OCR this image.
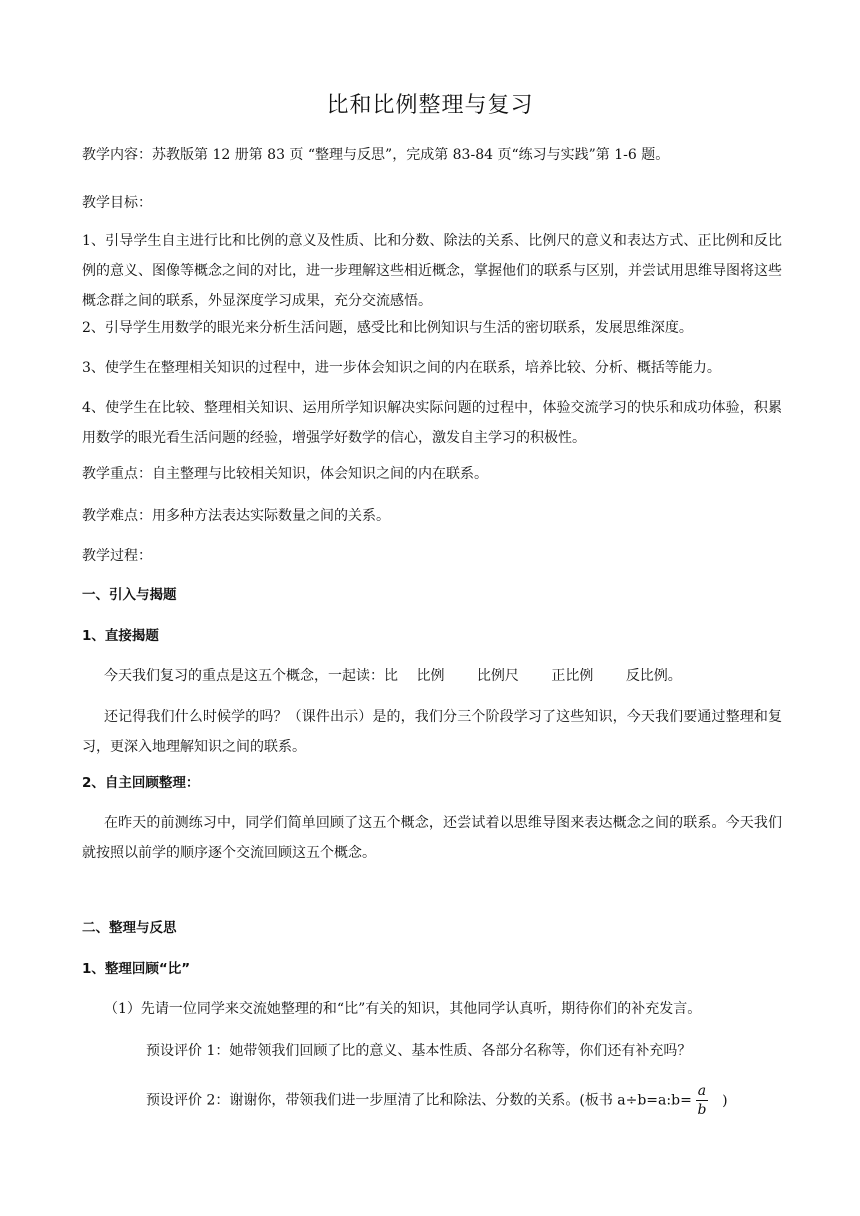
比和比例整理与复习
教学内容：苏教版第 12 册第 83 页 “整理与反思”，完成第 83-84 页“练习与实践”第 1-6 题。
教学目标：
1、引导学生自主进行比和比例的意义及性质、比和分数、除法的关系、比例尺的意义和表达方式、正比例和反比例的意义、图像等概念之间的对比，进一步理解这些相近概念，掌握他们的联系与区别，并尝试用思维导图将这些概念群之间的联系，外显深度学习成果，充分交流感悟。
2、引导学生用数学的眼光来分析生活问题，感受比和比例知识与生活的密切联系，发展思维深度。
3、使学生在整理相关知识的过程中，进一步体会知识之间的内在联系，培养比较、分析、概括等能力。
4、使学生在比较、整理相关知识、运用所学知识解决实际问题的过程中，体验交流学习的快乐和成功体验，积累用数学的眼光看生活问题的经验，增强学好数学的信心，激发自主学习的积极性。
教学重点：自主整理与比较相关知识，体会知识之间的内在联系。
教学难点：用多种方法表达实际数量之间的关系。
教学过程：
一、引入与揭题
1、直接揭题
今天我们复习的重点是这五个概念，一起读：比 比例 比例尺 正比例 反比例。
还记得我们什么时候学的吗？（课件出示）是的，我们分三个阶段学习了这些知识，今天我们要通过整理和复习，更深入地理解知识之间的联系。
2、自主回顾整理：
在昨天的前测练习中，同学们简单回顾了这五个概念，还尝试着以思维导图来表达概念之间的联系。今天我们就按照以前学的顺序逐个交流回顾这五个概念。
二、整理与反思
1、整理回顾“比”
（1）先请一位同学来交流她整理的和“比”有关的知识，其他同学认真听，期待你们的补充发言。
预设评价 1：她带领我们回顾了比的意义、基本性质、各部分名称等，你们还有补充吗？
预设评价 2：谢谢你，带领我们进一步厘清了比和除法、分数的关系。(板书 a÷b=a:b= $\frac{a}{b}$ )
